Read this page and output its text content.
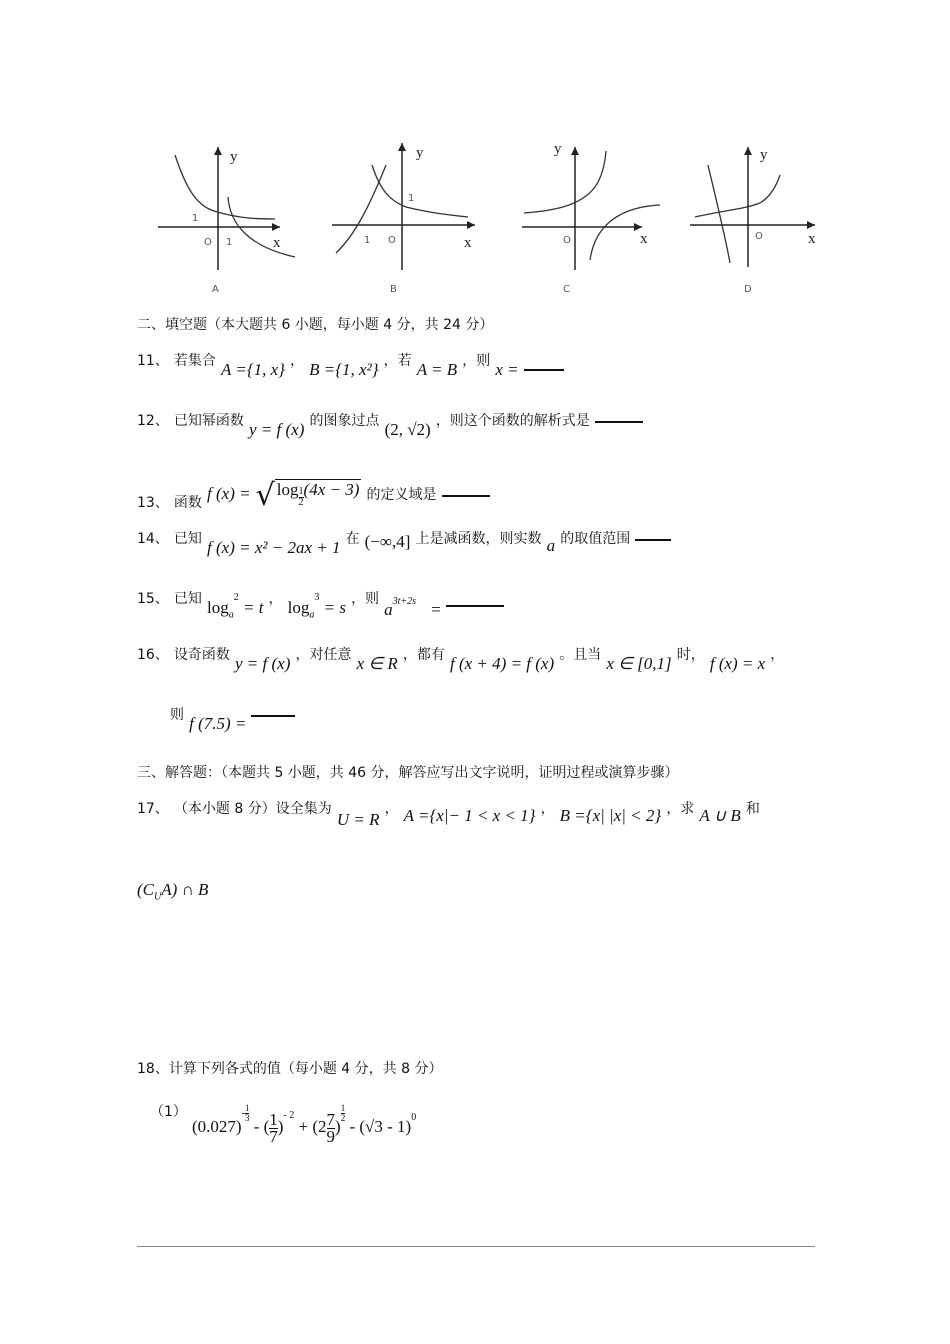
y
x
O
1
1
A
y
x
O
1
1
B
y
x
O
C
y
x
O
D
二、填空题（本大题共 6 小题，每小题 4 分，共 24 分）
11、 若集合 A ={1, x} ， B ={1, x²} ，若 A = B ，则 x =
12、 已知幂函数 y = f (x) 的图象过点 (2, √2) ，则这个函数的解析式是
13、 函数 f (x) = √ $\log \frac{1}{2} (4x - 3)$ 的定义域是
14、 已知 f (x) = x² − 2ax + 1 在 (−∞,4] 上是减函数，则实数 a 的取值范围
15、 已知 $\log_a^2 = t$ ， $\log_a^3 = s$ ，则 $a^{3t+2s}$ =
16、 设奇函数 y = f (x) ，对任意 x ∈ R ，都有 f (x + 4) = f (x) 。且当 x ∈ [0,1] 时， f (x) = x ，
则 f (7.5) =
三、解答题：（本题共 5 小题，共 46 分，解答应写出文字说明，证明过程或演算步骤）
17、 （本小题 8 分）设全集为 U = R ， A ={x|− 1 < x < 1} ， B ={x| |x| < 2} ，求 A ∪ B 和
$(C_UA)$ ∩ B
18、计算下列各式的值（每小题 4 分，共 8 分）
（1） $(0.027)^{- \frac{1}{3}}$
- ( $\frac{1}{7} )^{- 2} + (2 \frac{7}{9}$ )
$^{\frac{1}{2}}$
- (√3 - 1)$^0$
